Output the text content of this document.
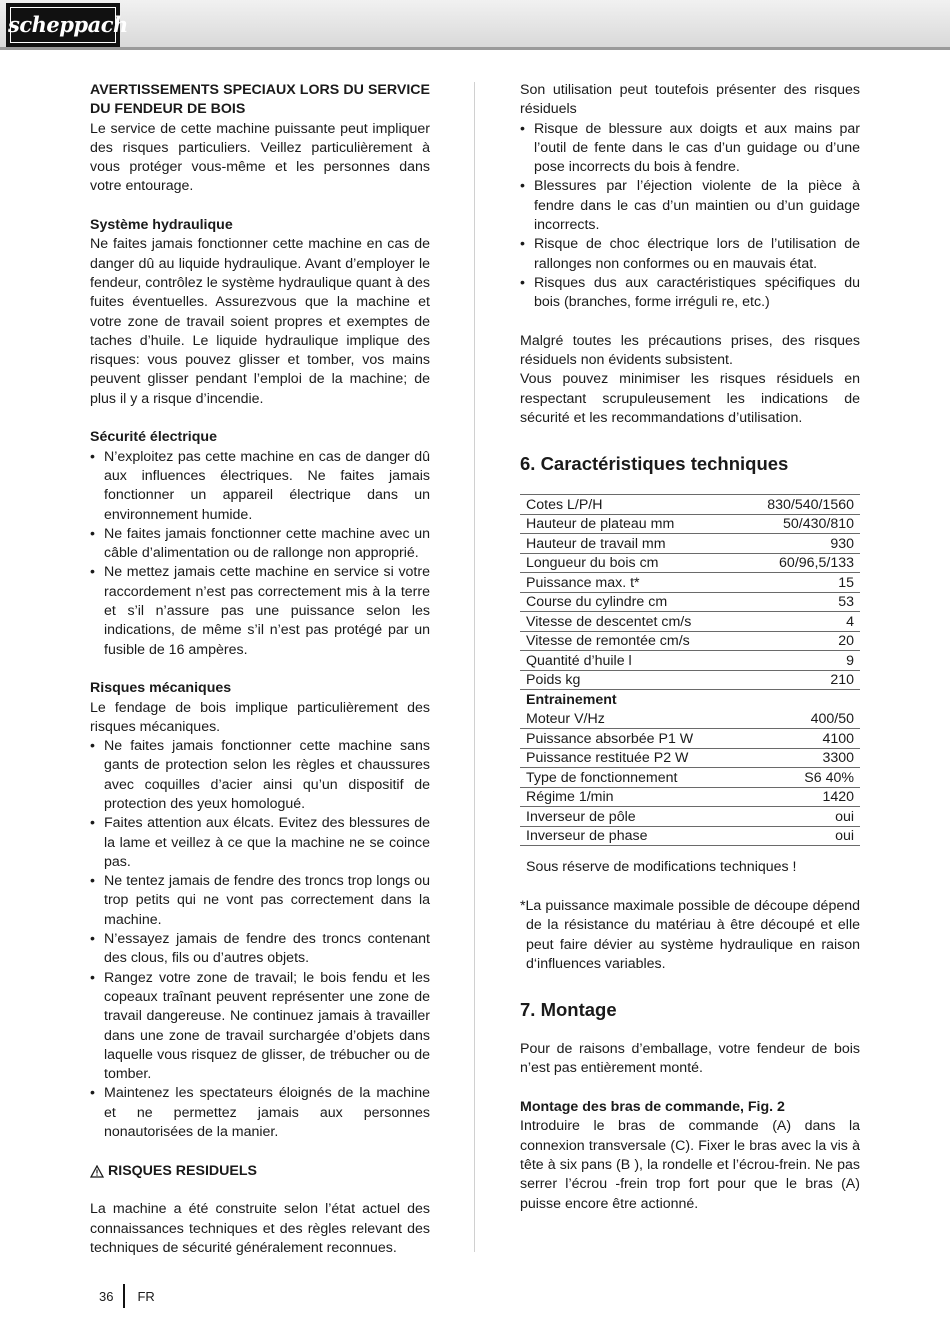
scheppach

AVERTISSEMENTS SPECIAUX LORS DU SERVICE DU FENDEUR DE BOIS

Le service de cette machine puissante peut impliquer des risques particuliers. Veillez particulièrement à vous protéger vous-même et les personnes dans votre entourage.

Système hydraulique

Ne faites jamais fonctionner cette machine en cas de danger dû au liquide hydraulique. Avant d’employer le fendeur, contrôlez le système hydraulique quant à des fuites éventuelles. Assurezvous que la machine et votre zone de travail soient propres et exemptes de taches d’huile. Le liquide hydraulique implique des risques: vous pouvez glisser et tomber, vos mains peuvent glisser pendant l’emploi de la machine; de plus il y a risque d’incendie.

Sécurité électrique

• N’exploitez pas cette machine en cas de danger dû aux influences électriques. Ne faites jamais fonctionner un appareil électrique dans un environnement humide.
• Ne faites jamais fonctionner cette machine avec un câble d’alimentation ou de rallonge non approprié.
• Ne mettez jamais cette machine en service si votre raccordement n’est pas correctement mis à la terre et s’il n’assure pas une puissance selon les indications, de même s’il n’est pas protégé par un fusible de 16 ampères.

Risques mécaniques

Le fendage de bois implique particulièrement des risques mécaniques.

• Ne faites jamais fonctionner cette machine sans gants de protection selon les règles et chaussures avec coquilles d’acier ainsi qu’un dispositif de protection des yeux homologué.
• Faites attention aux élcats. Evitez des blessures de la lame et veillez à ce que la machine ne se coince pas.
• Ne tentez jamais de fendre des troncs trop longs ou trop petits qui ne vont pas correctement dans la machine.
• N’essayez jamais de fendre des troncs contenant des clous, fils ou d’autres objets.
• Rangez votre zone de travail; le bois fendu et les copeaux traînant peuvent représenter une zone de travail dangereuse. Ne continuez jamais à travailler dans une zone de travail surchargée d’objets dans laquelle vous risquez de glisser, de trébucher ou de tomber.
• Maintenez les spectateurs éloignés de la machine et ne permettez jamais aux personnes nonautorisées de la manier.
RISQUES RESIDUELS

La machine a été construite selon l’état actuel des connaissances techniques et des règles relevant des techniques de sécurité généralement reconnues.

Son utilisation peut toutefois présenter des risques résiduels

• Risque de blessure aux doigts et aux mains par l’outil de fente dans le cas d’un guidage ou d’une pose incorrects du bois à fendre.
• Blessures par l’éjection violente de la pièce à fendre dans le cas d’un maintien ou d’un guidage incorrects.
• Risque de choc électrique lors de l’utilisation de rallonges non conformes ou en mauvais état.
• Risques dus aux caractéristiques spécifiques du bois (branches, forme irréguli re, etc.)

Malgré toutes les précautions prises, des risques résiduels non évidents subsistent.

Vous pouvez minimiser les risques résiduels en respectant scrupuleusement les indications de sécurité et les recommandations d’utilisation.

6. Caractéristiques techniques
Cotes L/P/H	830/540/1560
Hauteur de plateau mm	50/430/810
Hauteur de travail mm	930
Longueur du bois cm	60/96,5/133
Puissance max. t*	15
Course du cylindre cm	53
Vitesse de descentet cm/s	4
Vitesse de remontée cm/s	20
Quantité d’huile l	9
Poids kg	210
Entrainement	
Moteur V/Hz	400/50
Puissance absorbée P1 W	4100
Puissance restituée P2 W	3300
Type de fonctionnement	S6 40%
Régime 1/min	1420
Inverseur de pôle	oui
Inverseur de phase	oui

Sous réserve de modifications techniques !

*La puissance maximale possible de découpe dépend de la résistance du matériau à être découpé et elle peut faire dévier au système hydraulique en raison d‘influences variables.

7. Montage

Pour de raisons d’emballage, votre fendeur de bois n’est pas entièrement monté.

Montage des bras de commande, Fig. 2

Introduire le bras de commande (A) dans la connexion transversale (C). Fixer le bras avec la vis à tête à six pans (B ), la rondelle et l’écrou-frein. Ne pas serrer l’écrou -frein trop fort pour que le bras (A) puisse encore être actionné.

36 FR
